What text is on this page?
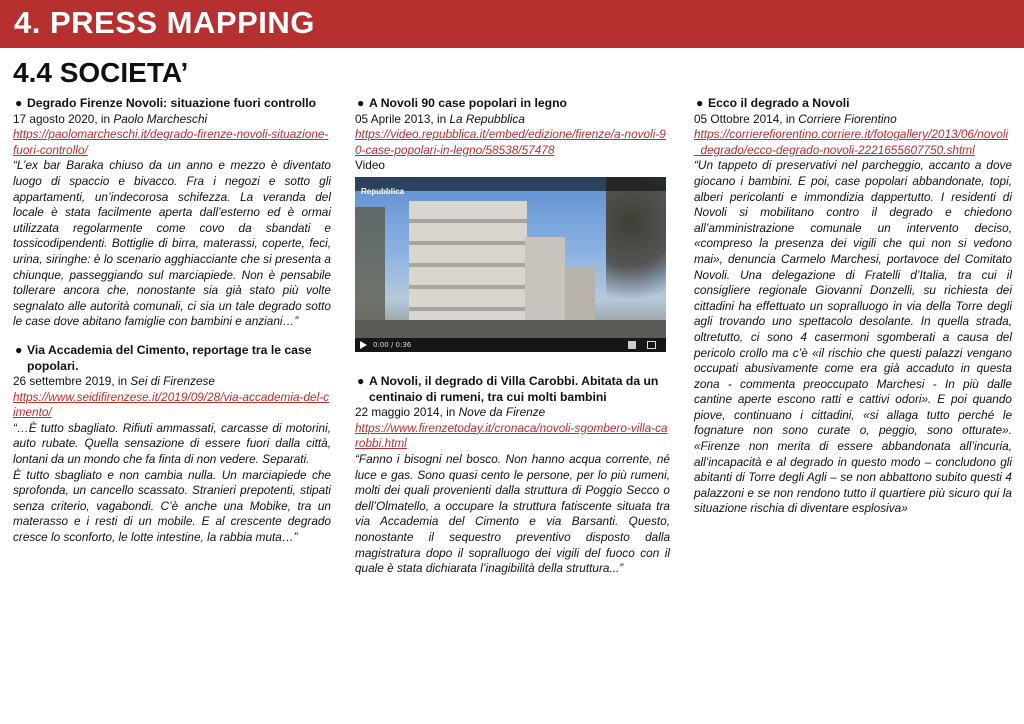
4. PRESS MAPPING
4.4 SOCIETA’

● Degrado Firenze Novoli: situazione fuori controllo

17 agosto 2020, in Paolo Marcheschi

https://paolomarcheschi.it/degrado-firenze-novoli-situazione-fuori-controllo/

“L’ex bar Baraka chiuso da un anno e mezzo è diventato luogo di spaccio e bivacco. Fra i negozi e sotto gli appartamenti, un’indecorosa schifezza. La veranda del locale è stata facilmente aperta dall’esterno ed è ormai utilizzata regolarmente come covo da sbandati e tossicodipendenti. Bottiglie di birra, materassi, coperte, feci, urina, siringhe: è lo scenario agghiacciante che si presenta a chiunque, passeggiando sul marciapiede. Non è pensabile tollerare ancora che, nonostante sia già stato più volte segnalato alle autorità comunali, ci sia un tale degrado sotto le case dove abitano famiglie con bambini e anziani…”

● Via Accademia del Cimento, reportage tra le case popolari.

26 settembre 2019, in Sei di Firenzese

https://www.seidifirenzese.it/2019/09/28/via-accademia-del-cimento/

“…È tutto sbagliato. Rifiuti ammassati, carcasse di motorini, auto rubate. Quella sensazione di essere fuori dalla città, lontani da un mondo che fa finta di non vedere. Separati.

È tutto sbagliato e non cambia nulla. Un marciapiede che sprofonda, un cancello scassato. Stranieri prepotenti, stipati senza criterio, vagabondi. C’è anche una Mobike, tra un materasso e i resti di un mobile. E al crescente degrado cresce lo sconforto, le lotte intestine, la rabbia muta…”

● A Novoli 90 case popolari in legno

05 Aprile 2013, in La Repubblica

https://video.repubblica.it/embed/edizione/firenze/a-novoli-90-case-popolari-in-legno/58538/57478

Video

Repubblica
0:00 / 0:36

● A Novoli, il degrado di Villa Carobbi. Abitata da un centinaio di rumeni, tra cui molti bambini

22 maggio 2014, in Nove da Firenze

https://www.firenzetoday.it/cronaca/novoli-sgombero-villa-carobbi.html

“Fanno i bisogni nel bosco. Non hanno acqua corrente, né luce e gas. Sono quasi cento le persone, per lo più rumeni, molti dei quali provenienti dalla struttura di Poggio Secco o dell’Olmatello, a occupare la struttura fatiscente situata tra via Accademia del Cimento e via Barsanti. Questo, nonostante il sequestro preventivo disposto dalla magistratura dopo il sopralluogo dei vigili del fuoco con il quale è stata dichiarata l’inagibilità della struttura...”

● Ecco il degrado a Novoli

05 Ottobre 2014, in Corriere Fiorentino

https://corrierefiorentino.corriere.it/fotogallery/2013/06/novoli_degrado/ecco-degrado-novoli-2221655607750.shtml

“Un tappeto di preservativi nel parcheggio, accanto a dove giocano i bambini. E poi, case popolari abbandonate, topi, alberi pericolanti e immondizia dappertutto. I residenti di Novoli si mobilitano contro il degrado e chiedono all’amministrazione comunale un intervento deciso, «compreso la presenza dei vigili che qui non si vedono mai», denuncia Carmelo Marchesi, portavoce del Comitato Novoli. Una delegazione di Fratelli d’Italia, tra cui il consigliere regionale Giovanni Donzelli, su richiesta dei cittadini ha effettuato un sopralluogo in via della Torre degli agli trovando uno spettacolo desolante. In quella strada, oltretutto, ci sono 4 casermoni sgomberati a causa del pericolo crollo ma c’è «il rischio che questi palazzi vengano occupati abusivamente come era già accaduto in questa zona - commenta preoccupato Marchesi - In più dalle cantine aperte escono ratti e cattivi odori». E poi quando piove, continuano i cittadini, «si allaga tutto perché le fognature non sono curate o, peggio, sono otturate». «Firenze non merita di essere abbandonata all’incuria, all’incapacità e al degrado in questo modo – concludono gli abitanti di Torre degli Agli – se non abbattono subito questi 4 palazzoni e se non rendono tutto il quartiere più sicuro qui la situazione rischia di diventare esplosiva»
